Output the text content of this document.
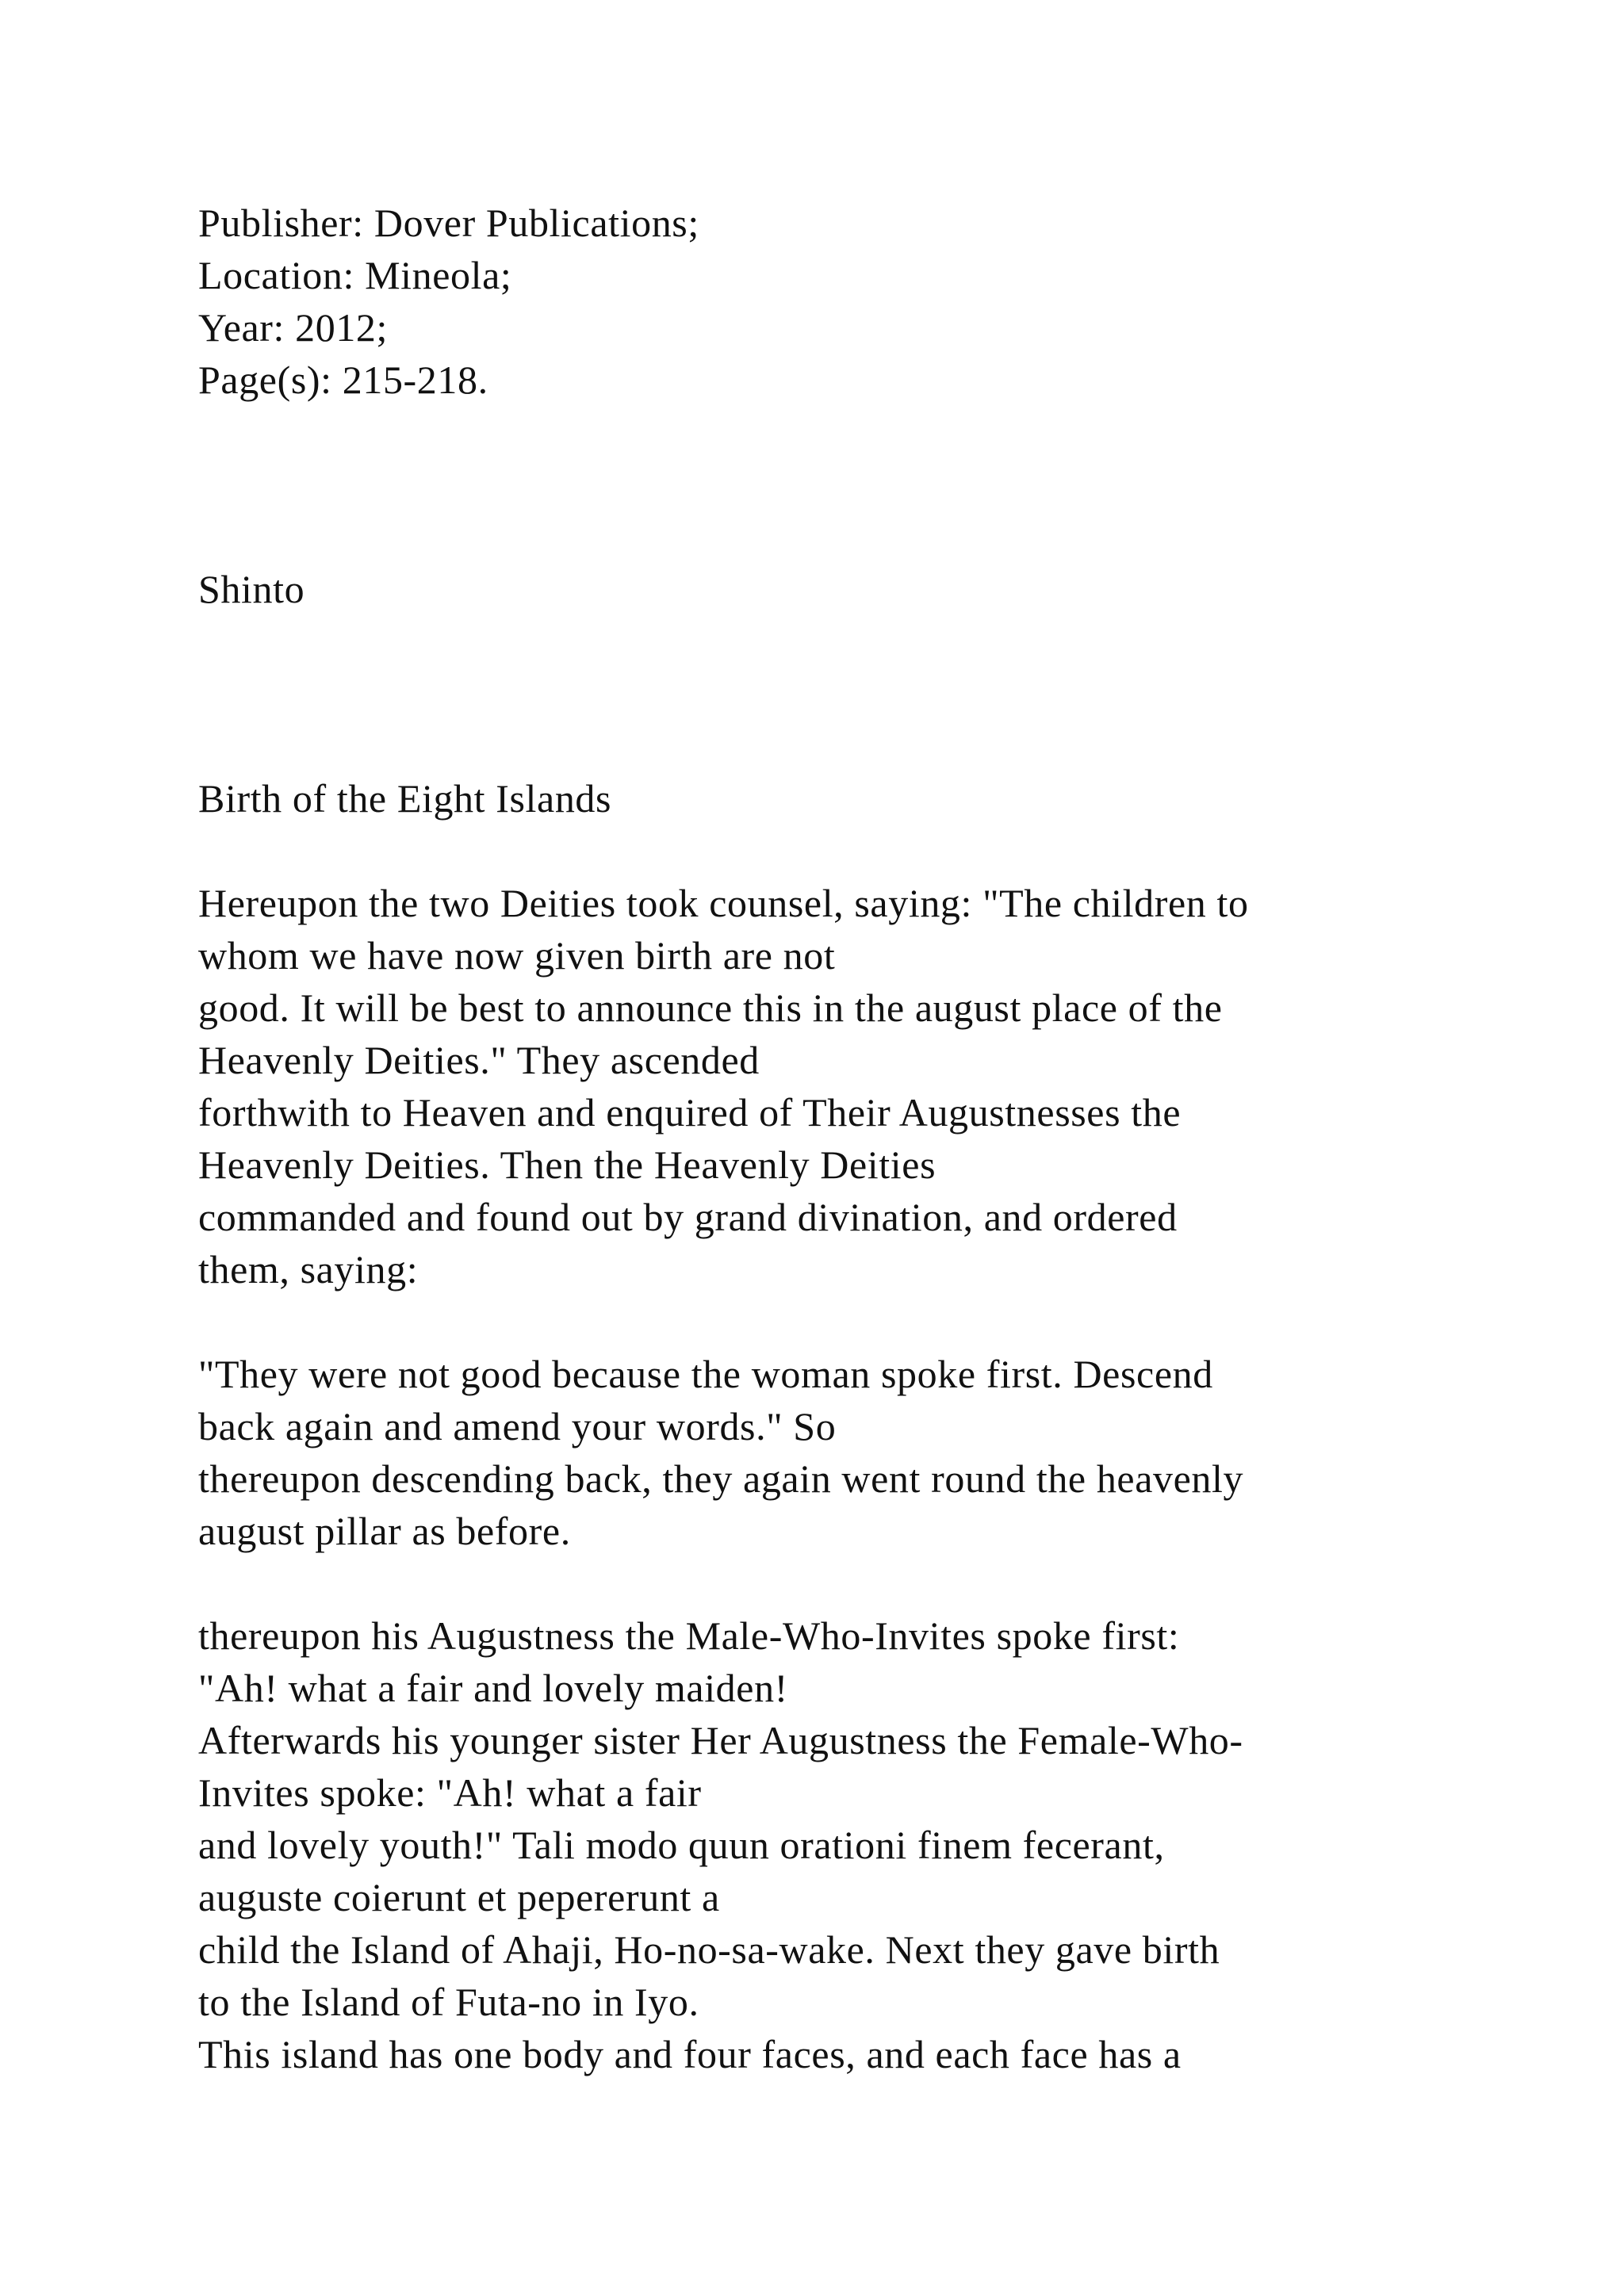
Publisher: Dover Publications;

Location: Mineola;

Year: 2012;

Page(s): 215-218.

Shinto

Birth of the Eight Islands

Hereupon the two Deities took counsel, saying: "The children to

whom we have now given birth are not

good. It will be best to announce this in the august place of the

Heavenly Deities." They ascended

forthwith to Heaven and enquired of Their Augustnesses the

Heavenly Deities. Then the Heavenly Deities

commanded and found out by grand divination, and ordered

them, saying:

"They were not good because the woman spoke first. Descend

back again and amend your words." So

thereupon descending back, they again went round the heavenly

august pillar as before.

thereupon his Augustness the Male-Who-Invites spoke first:

"Ah! what a fair and lovely maiden!

Afterwards his younger sister Her Augustness the Female-Who-

Invites spoke: "Ah! what a fair

and lovely youth!" Tali modo quun orationi finem fecerant,

auguste coierunt et pepererunt a

child the Island of Ahaji, Ho-no-sa-wake. Next they gave birth

to the Island of Futa-no in Iyo.

This island has one body and four faces, and each face has a
